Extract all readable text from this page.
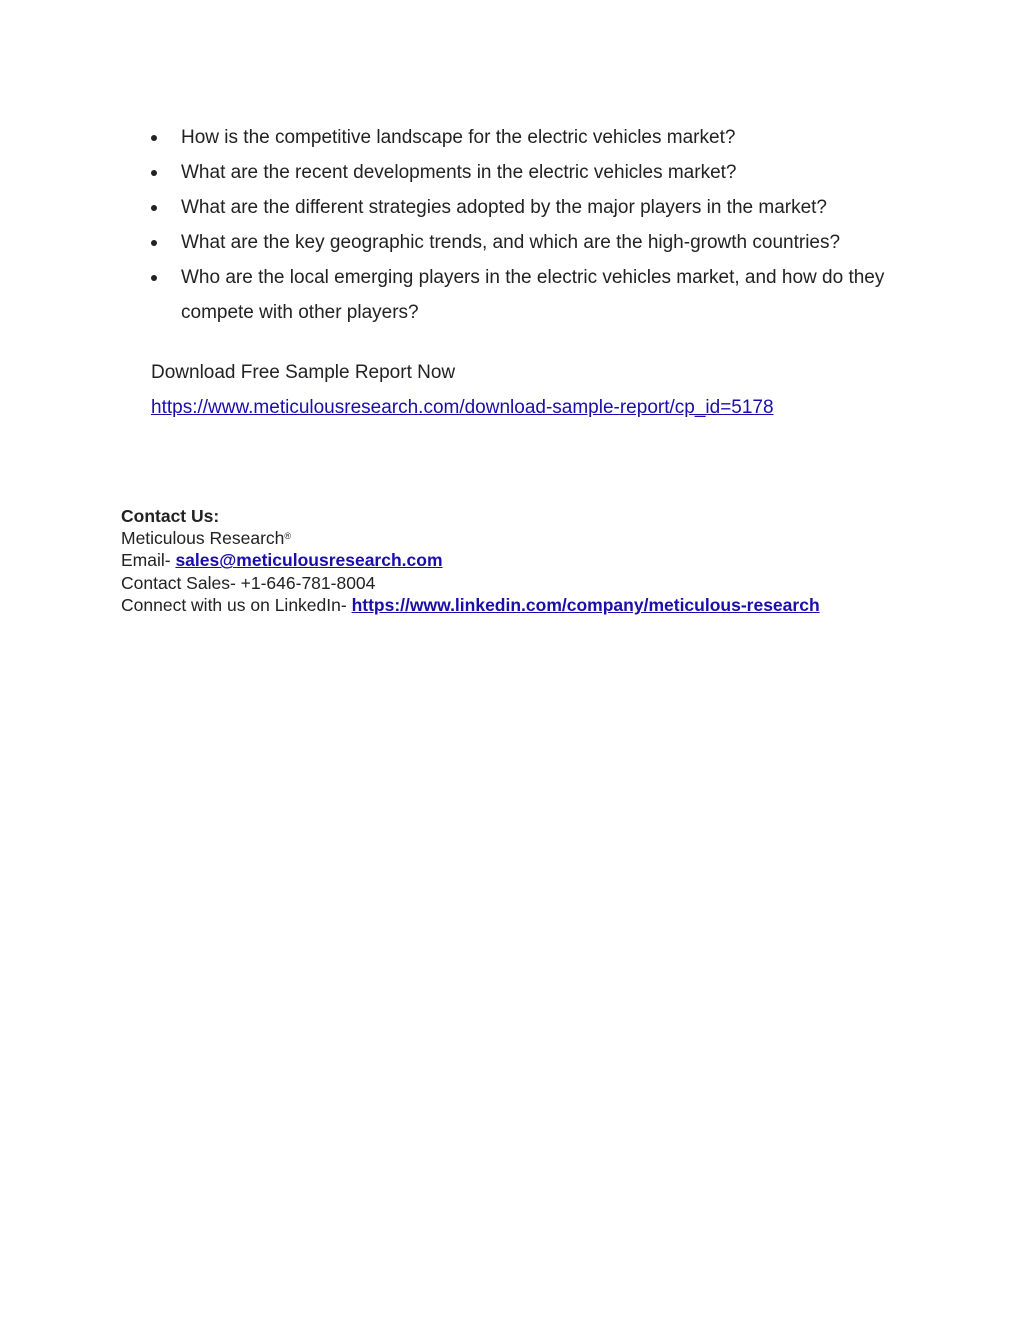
How is the competitive landscape for the electric vehicles market?
What are the recent developments in the electric vehicles market?
What are the different strategies adopted by the major players in the market?
What are the key geographic trends, and which are the high-growth countries?
Who are the local emerging players in the electric vehicles market, and how do they compete with other players?
Download Free Sample Report Now
https://www.meticulousresearch.com/download-sample-report/cp_id=5178
Contact Us:
Meticulous Research®
Email- sales@meticulousresearch.com
Contact Sales- +1-646-781-8004
Connect with us on LinkedIn- https://www.linkedin.com/company/meticulous-research
